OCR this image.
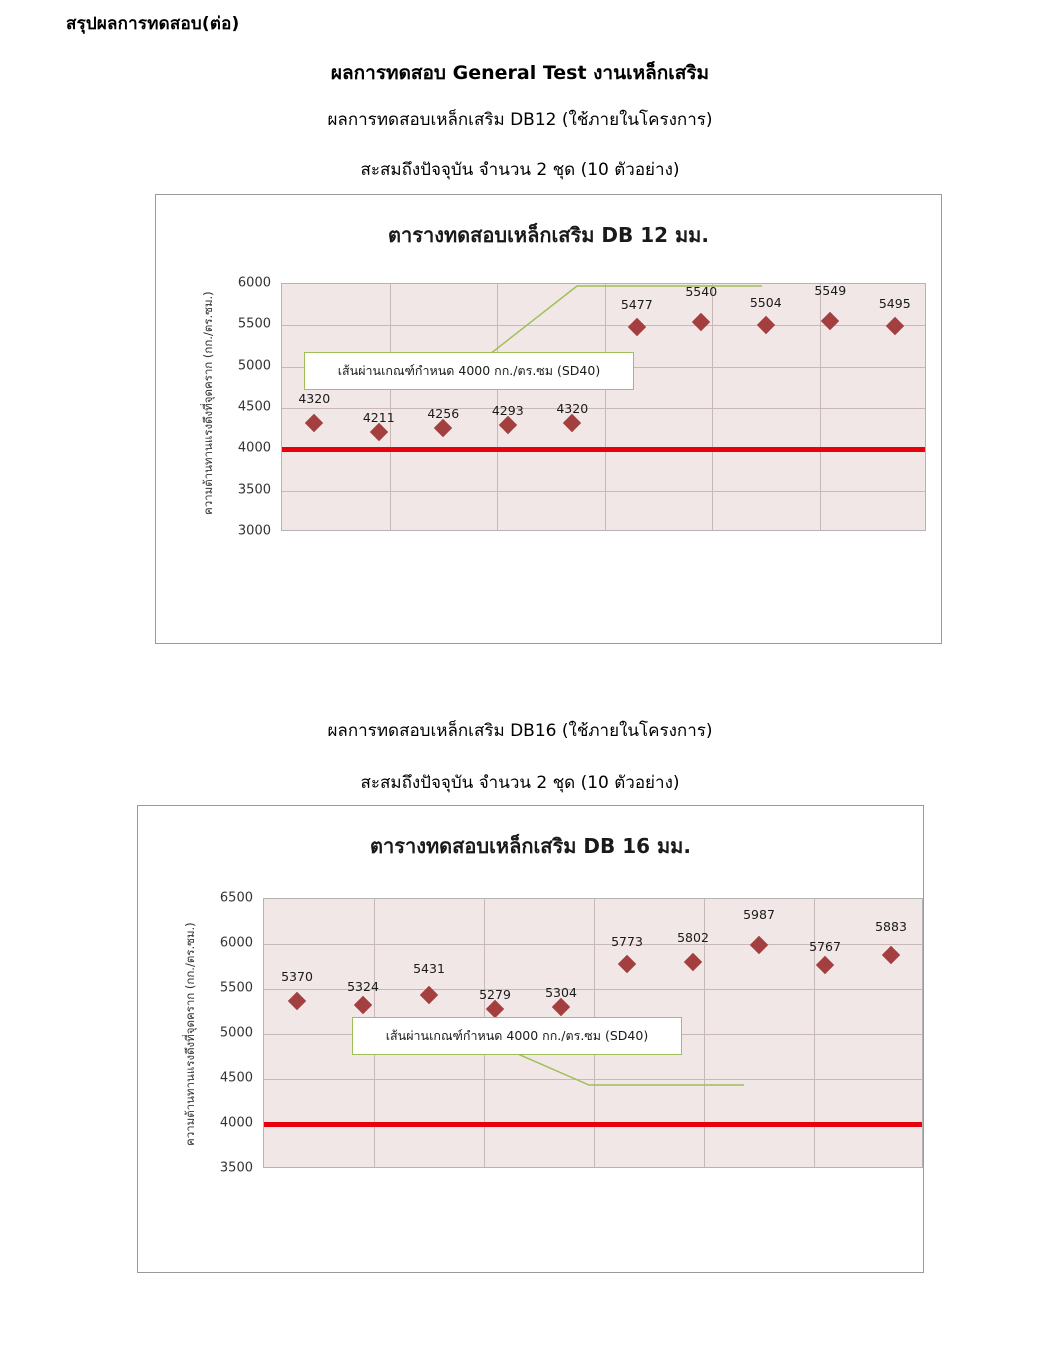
สรุปผลการทดสอบ(ต่อ)
ผลการทดสอบ General Test งานเหล็กเสริม
ผลการทดสอบเหล็กเสริม DB12 (ใช้ภายในโครงการ)
สะสมถึงปัจจุบัน จำนวน 2 ชุด (10 ตัวอย่าง)
ตารางทดสอบเหล็กเสริม DB 12 มม.
ความต้านทานแรงดึงที่จุดคราก (กก./ตร.ซม.)	4320
4211	4256	4293	4320
5477
5540
5504
5549
5495
เส้นผ่านเกณฑ์กำหนด 4000 กก./ตร.ซม (SD40)
3000
3500
4000
4500
5000
5500
6000
ผลการทดสอบเหล็กเสริม DB16 (ใช้ภายในโครงการ)
สะสมถึงปัจจุบัน จำนวน 2 ชุด (10 ตัวอย่าง)
ตารางทดสอบเหล็กเสริม DB 16 มม.
ความต้านทานแรงดึงที่จุดคราก (กก./ตร.ซม.)	5370
5324
5431
5279	5304
5773	5802
5987
5767
5883
เส้นผ่านเกณฑ์กำหนด 4000 กก./ตร.ซม (SD40)
3500
4000
4500
5000
5500
6000
6500
